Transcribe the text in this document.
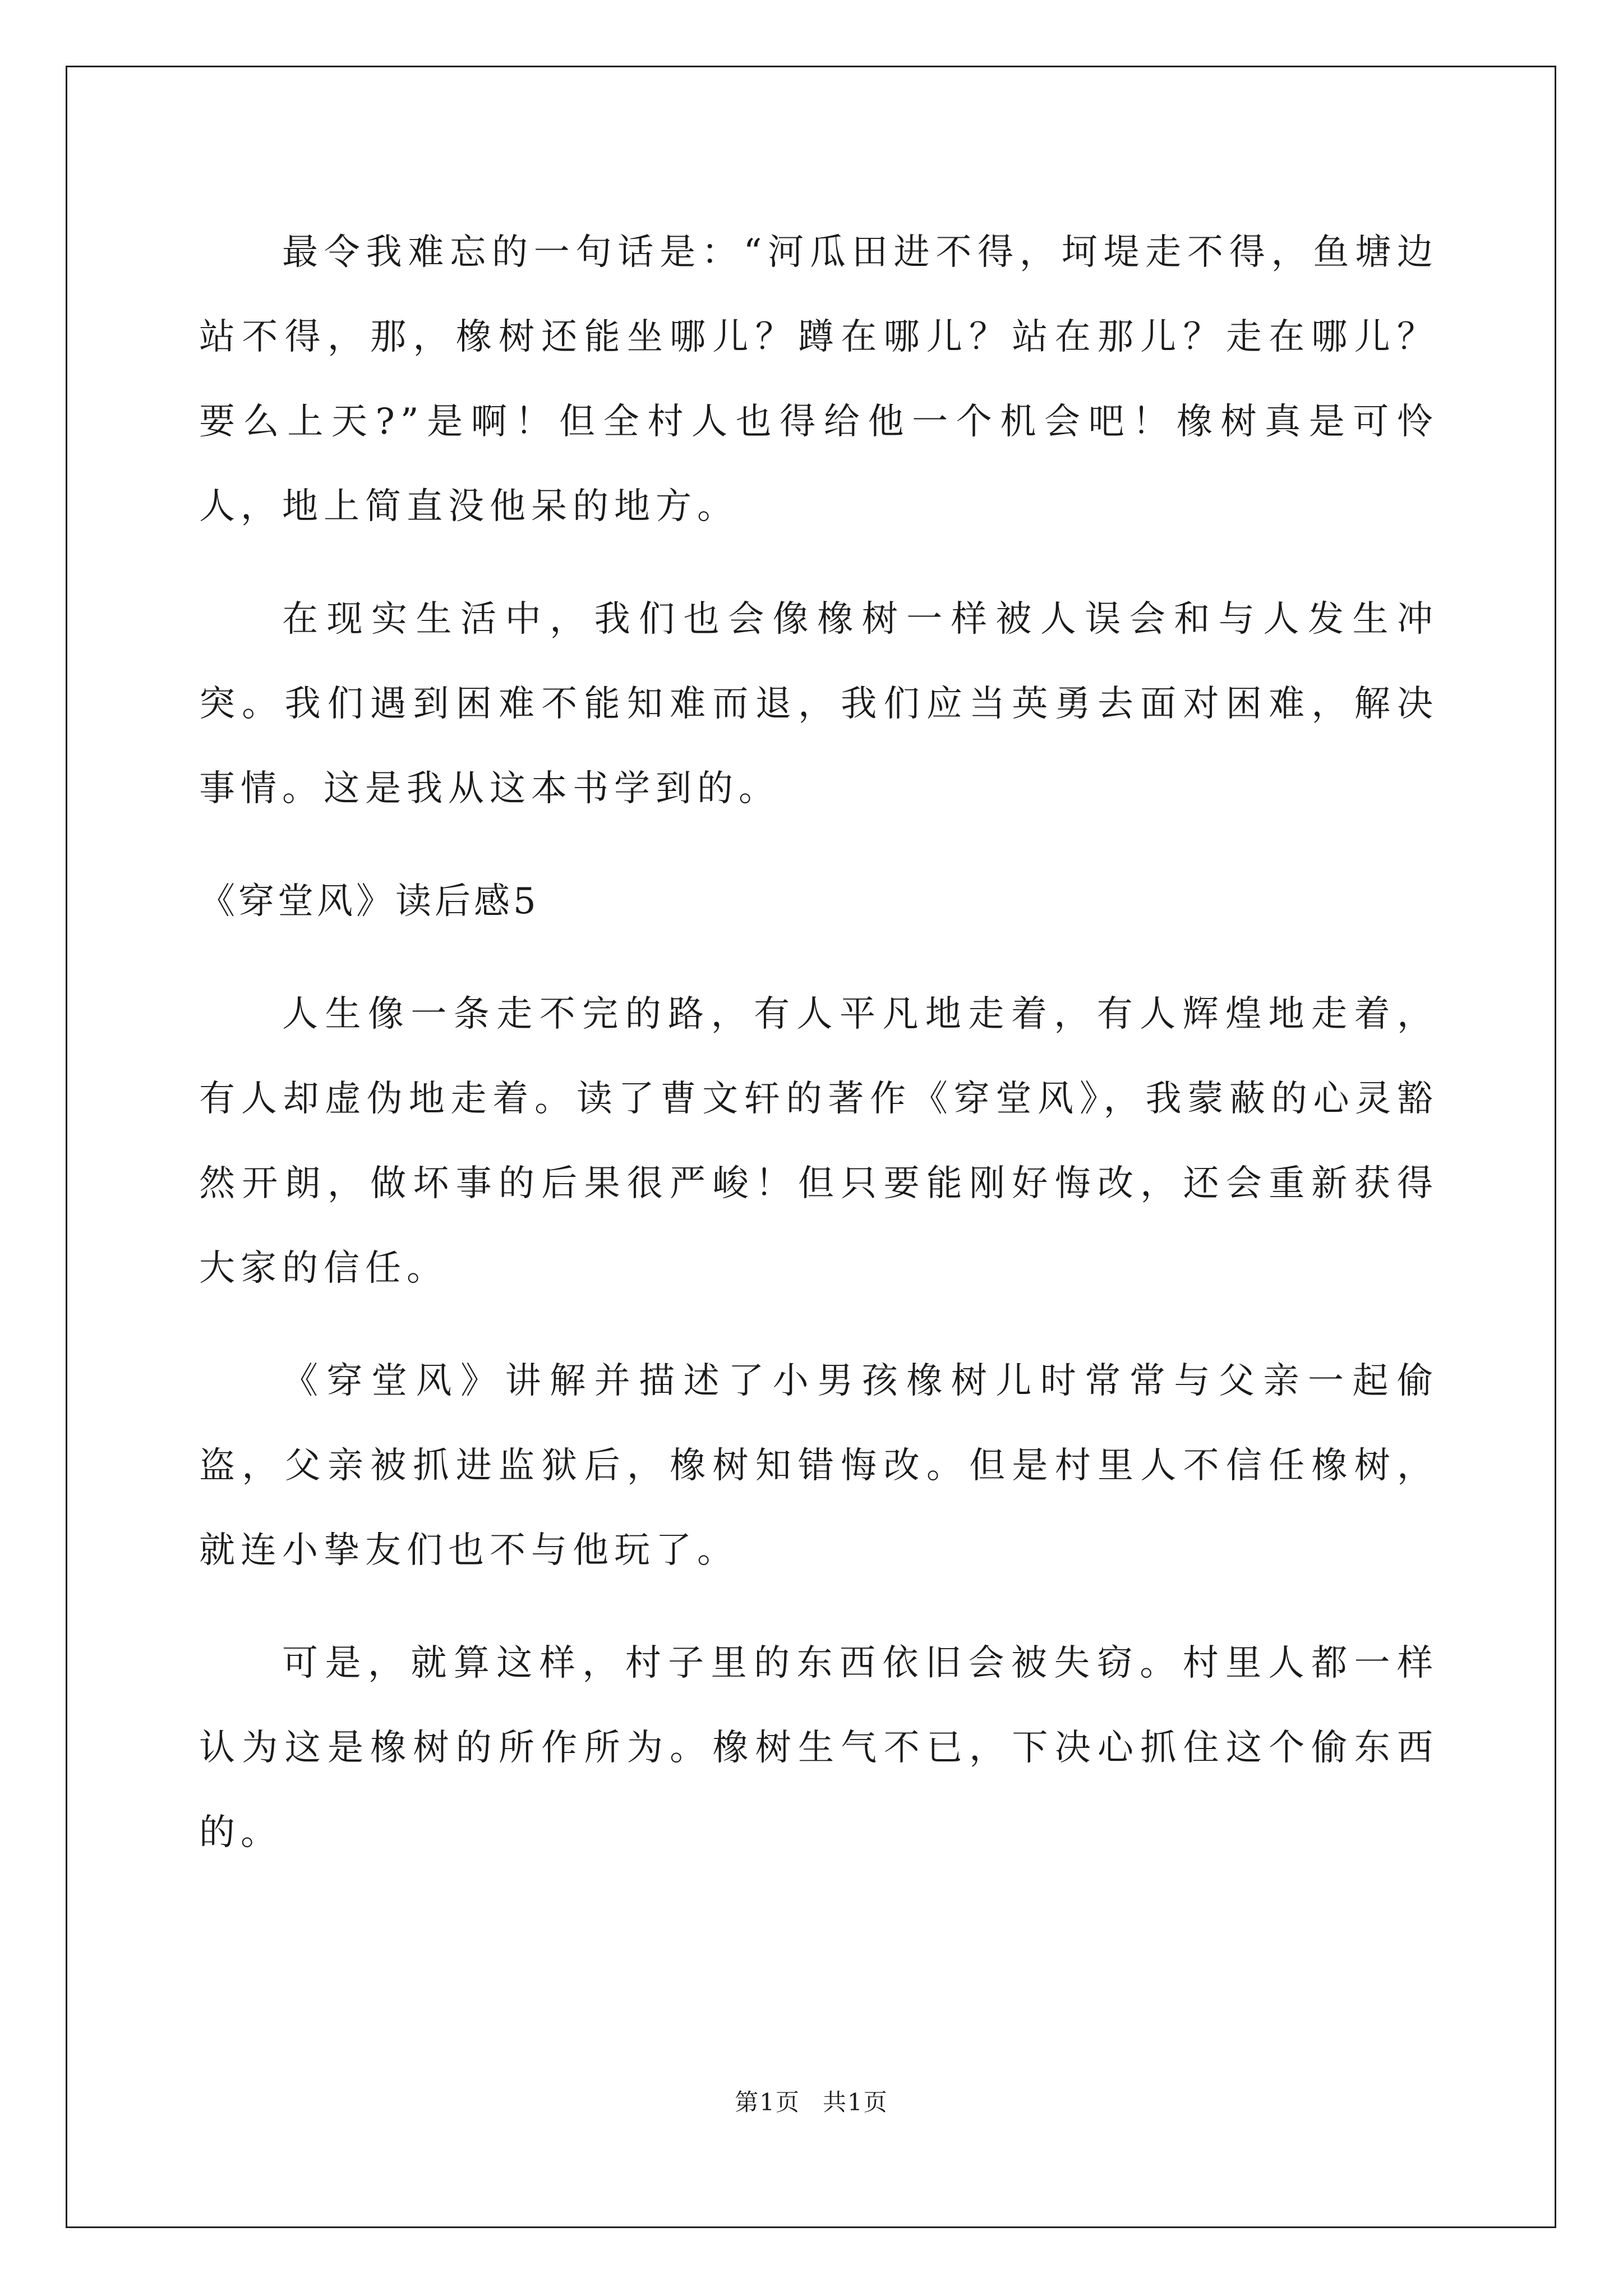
最令我难忘的一句话是：“河瓜田进不得，坷堤走不得，鱼塘边站不得，那，橡树还能坐哪儿？蹲在哪儿？站在那儿？走在哪儿？要么上天?”是啊！但全村人也得给他一个机会吧！橡树真是可怜人，地上简直没他呆的地方。

在现实生活中，我们也会像橡树一样被人误会和与人发生冲突。我们遇到困难不能知难而退，我们应当英勇去面对困难，解决事情。这是我从这本书学到的。

《穿堂风》读后感5

人生像一条走不完的路，有人平凡地走着，有人辉煌地走着，有人却虚伪地走着。读了曹文轩的著作《穿堂风》，我蒙蔽的心灵豁然开朗，做坏事的后果很严峻！但只要能刚好悔改，还会重新获得大家的信任。

《穿堂风》讲解并描述了小男孩橡树儿时常常与父亲一起偷盗，父亲被抓进监狱后，橡树知错悔改。但是村里人不信任橡树，就连小挚友们也不与他玩了。

可是，就算这样，村子里的东西依旧会被失窃。村里人都一样认为这是橡树的所作所为。橡树生气不已，下决心抓住这个偷东西的。

第1页 共1页
